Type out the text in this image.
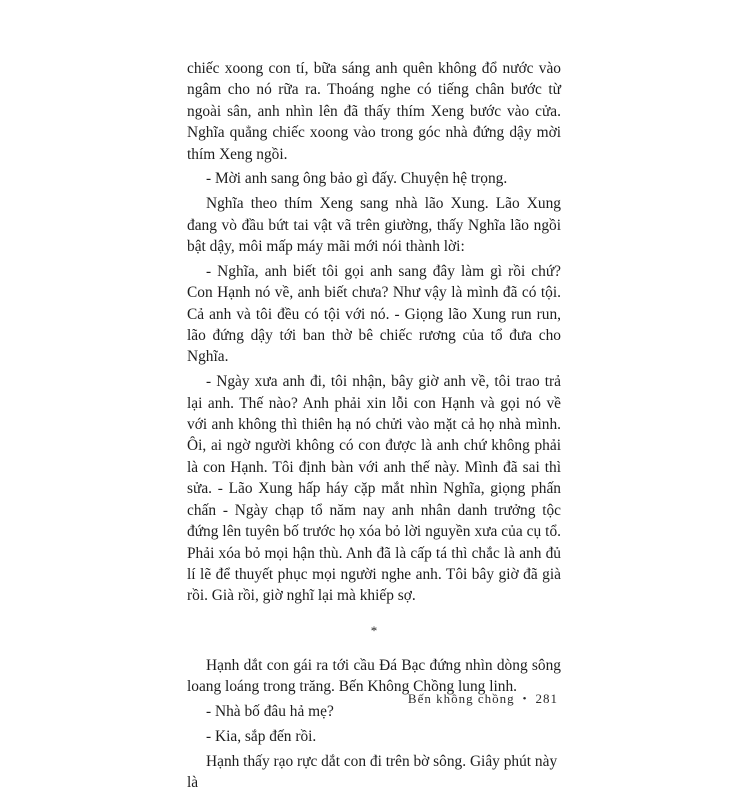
chiếc xoong con tí, bữa sáng anh quên không đổ nước vào ngâm cho nó rữa ra. Thoáng nghe có tiếng chân bước từ ngoài sân, anh nhìn lên đã thấy thím Xeng bước vào cửa. Nghĩa quẳng chiếc xoong vào trong góc nhà đứng dậy mời thím Xeng ngồi.

- Mời anh sang ông bảo gì đấy. Chuyện hệ trọng.

Nghĩa theo thím Xeng sang nhà lão Xung. Lão Xung đang vò đầu bứt tai vật vã trên giường, thấy Nghĩa lão ngồi bật dậy, môi mấp máy mãi mới nói thành lời:

- Nghĩa, anh biết tôi gọi anh sang đây làm gì rồi chứ? Con Hạnh nó về, anh biết chưa? Như vậy là mình đã có tội. Cả anh và tôi đều có tội với nó. - Giọng lão Xung run run, lão đứng dậy tới ban thờ bê chiếc rương của tổ đưa cho Nghĩa.

- Ngày xưa anh đi, tôi nhận, bây giờ anh về, tôi trao trả lại anh. Thế nào? Anh phải xin lỗi con Hạnh và gọi nó về với anh không thì thiên hạ nó chửi vào mặt cả họ nhà mình. Ôi, ai ngờ người không có con được là anh chứ không phải là con Hạnh. Tôi định bàn với anh thế này. Mình đã sai thì sửa. - Lão Xung hấp háy cặp mắt nhìn Nghĩa, giọng phấn chấn - Ngày chạp tổ năm nay anh nhân danh trưởng tộc đứng lên tuyên bố trước họ xóa bỏ lời nguyền xưa của cụ tổ. Phải xóa bỏ mọi hận thù. Anh đã là cấp tá thì chắc là anh đủ lí lẽ để thuyết phục mọi người nghe anh. Tôi bây giờ đã già rồi. Già rồi, giờ nghĩ lại mà khiếp sợ.

*

Hạnh dắt con gái ra tới cầu Đá Bạc đứng nhìn dòng sông loang loáng trong trăng. Bến Không Chồng lung linh.

- Nhà bố đâu hả mẹ?

- Kia, sắp đến rồi.

Hạnh thấy rạo rực dắt con đi trên bờ sông. Giây phút này là

Bến không chồng • 281
